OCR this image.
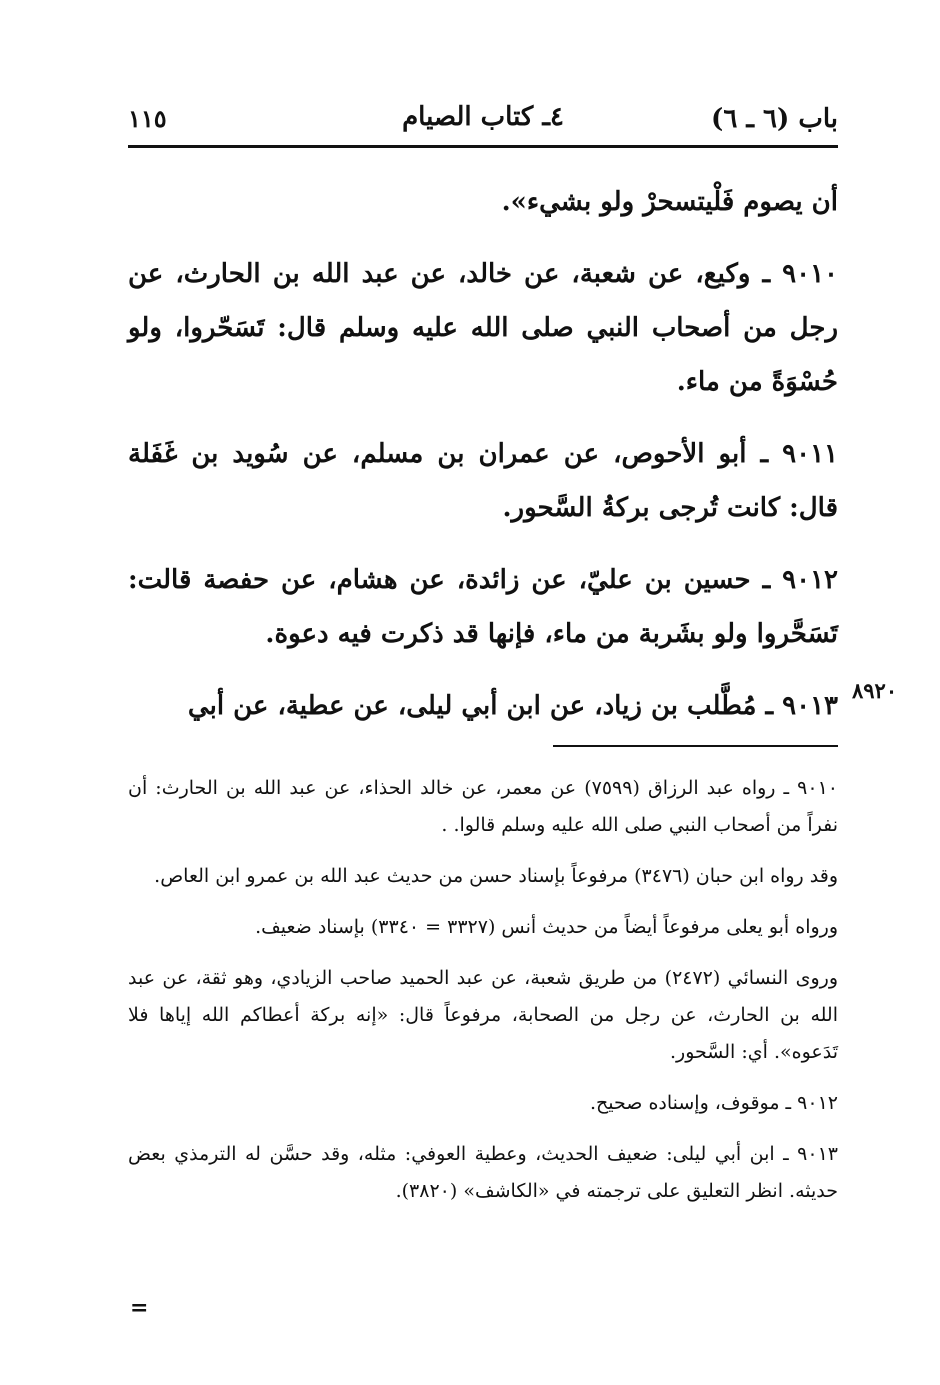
١١٥	٤ـ كتاب الصيام	باب (٦ ـ ٦)

أن يصوم فَلْيتسحرْ ولو بشيء».

٩٠١٠ ـ وكيع، عن شعبة، عن خالد، عن عبد الله بن الحارث، عن رجل من أصحاب النبي صلى الله عليه وسلم قال: تَسَحّروا، ولو حُسْوَةً من ماء.

٩٠١١ ـ أبو الأحوص، عن عمران بن مسلم، عن سُويد بن غَفَلة قال: كانت تُرجى بركةُ السَّحور.

٩٠١٢ ـ حسين بن عليّ، عن زائدة، عن هشام، عن حفصة قالت: تَسَحَّروا ولو بشَربة من ماء، فإنها قد ذكرت فيه دعوة.

٩٠١٣ ـ مُطَّلب بن زياد، عن ابن أبي ليلى، عن عطية، عن أبي

٨٩٢٠

٩٠١٠ ـ رواه عبد الرزاق (٧٥٩٩) عن معمر، عن خالد الحذاء، عن عبد الله بن الحارث: أن نفراً من أصحاب النبي صلى الله عليه وسلم قالوا. .

وقد رواه ابن حبان (٣٤٧٦) مرفوعاً بإسناد حسن من حديث عبد الله بن عمرو ابن العاص.

ورواه أبو يعلى مرفوعاً أيضاً من حديث أنس (٣٣٢٧ = ٣٣٤٠) بإسناد ضعيف.

وروى النسائي (٢٤٧٢) من طريق شعبة، عن عبد الحميد صاحب الزيادي، وهو ثقة، عن عبد الله بن الحارث، عن رجل من الصحابة، مرفوعاً قال: «إنه بركة أعطاكم الله إياها فلا تَدَعوه». أي: السَّحور.

٩٠١٢ ـ موقوف، وإسناده صحيح.

٩٠١٣ ـ ابن أبي ليلى: ضعيف الحديث، وعطية العوفي: مثله، وقد حسَّن له الترمذي بعض حديثه. انظر التعليق على ترجمته في «الكاشف» (٣٨٢٠).

=
